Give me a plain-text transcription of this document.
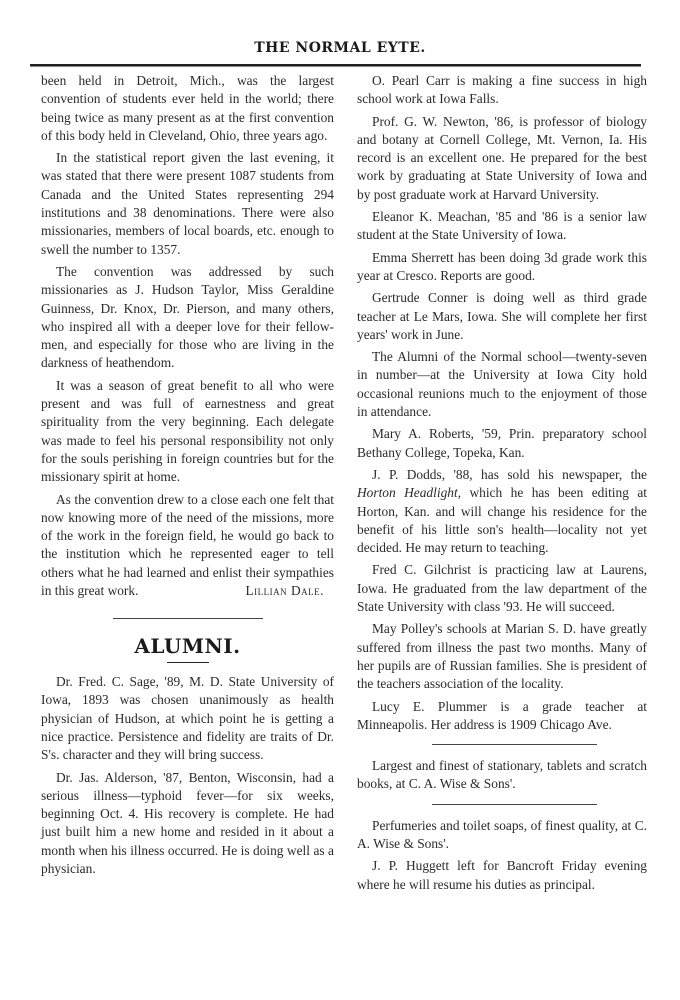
THE NORMAL EYTE.

been held in Detroit, Mich., was the largest convention of students ever held in the world; there being twice as many present as at the first convention of this body held in Cleveland, Ohio, three years ago.

In the statistical report given the last evening, it was stated that there were present 1087 students from Canada and the United States representing 294 institutions and 38 denominations. There were also missionaries, members of local boards, etc. enough to swell the number to 1357.

The convention was addressed by such missionaries as J. Hudson Taylor, Miss Geraldine Guinness, Dr. Knox, Dr. Pierson, and many others, who inspired all with a deeper love for their fellow-men, and especially for those who are living in the darkness of heathendom.

It was a season of great benefit to all who were present and was full of earnestness and great spirituality from the very beginning. Each delegate was made to feel his personal responsibility not only for the souls perishing in foreign countries but for the missionary spirit at home.

As the convention drew to a close each one felt that now knowing more of the need of the missions, more of the work in the foreign field, he would go back to the institution which he represented eager to tell others what he had learned and enlist their sympathies in this great work.	Lillian Dale.
ALUMNI.

Dr. Fred. C. Sage, '89, M. D. State University of Iowa, 1893 was chosen unanimously as health physician of Hudson, at which point he is getting a nice practice. Persistence and fidelity are traits of Dr. S's. character and they will bring success.

Dr. Jas. Alderson, '87, Benton, Wisconsin, had a serious illness—typhoid fever—for six weeks, beginning Oct. 4. His recovery is complete. He had just built him a new home and resided in it about a month when his illness occurred. He is doing well as a physician.

O. Pearl Carr is making a fine success in high school work at Iowa Falls.

Prof. G. W. Newton, '86, is professor of biology and botany at Cornell College, Mt. Vernon, Ia. His record is an excellent one. He prepared for the best work by graduating at State University of Iowa and by post graduate work at Harvard University.

Eleanor K. Meachan, '85 and '86 is a senior law student at the State University of Iowa.

Emma Sherrett has been doing 3d grade work this year at Cresco. Reports are good.

Gertrude Conner is doing well as third grade teacher at Le Mars, Iowa. She will complete her first years' work in June.

The Alumni of the Normal school—twenty-seven in number—at the University at Iowa City hold occasional reunions much to the enjoyment of those in attendance.

Mary A. Roberts, '59, Prin. preparatory school Bethany College, Topeka, Kan.

J. P. Dodds, '88, has sold his newspaper, the Horton Headlight, which he has been editing at Horton, Kan. and will change his residence for the benefit of his little son's health—locality not yet decided. He may return to teaching.

Fred C. Gilchrist is practicing law at Laurens, Iowa. He graduated from the law department of the State University with class '93. He will succeed.

May Polley's schools at Marian S. D. have greatly suffered from illness the past two months. Many of her pupils are of Russian families. She is president of the teachers association of the locality.

Lucy E. Plummer is a grade teacher at Minneapolis. Her address is 1909 Chicago Ave.

Largest and finest of stationary, tablets and scratch books, at C. A. Wise & Sons'.

Perfumeries and toilet soaps, of finest quality, at C. A. Wise & Sons'.

J. P. Huggett left for Bancroft Friday evening where he will resume his duties as principal.
